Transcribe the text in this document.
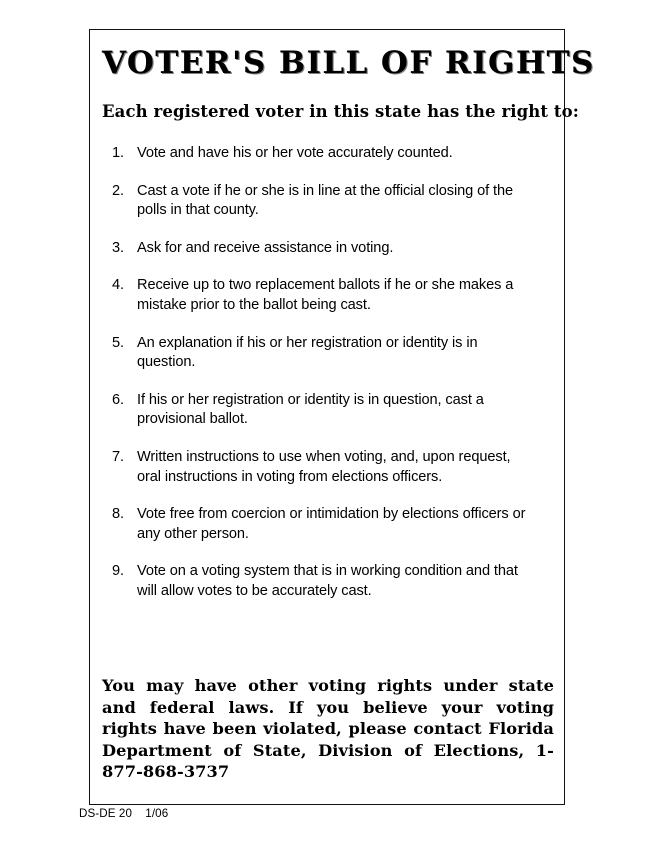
VOTER'S BILL OF RIGHTS
Each registered voter in this state has the right to:
1. Vote and have his or her vote accurately counted.
2. Cast a vote if he or she is in line at the official closing of the polls in that county.
3. Ask for and receive assistance in voting.
4. Receive up to two replacement ballots if he or she makes a mistake prior to the ballot being cast.
5. An explanation if his or her registration or identity is in question.
6. If his or her registration or identity is in question, cast a provisional ballot.
7. Written instructions to use when voting, and, upon request, oral instructions in voting from elections officers.
8. Vote free from coercion or intimidation by elections officers or any other person.
9. Vote on a voting system that is in working condition and that will allow votes to be accurately cast.

You may have other voting rights under state and federal laws. If you believe your voting rights have been violated, please contact Florida Department of State, Division of Elections, 1-877-868-3737

DS-DE 20    1/06
